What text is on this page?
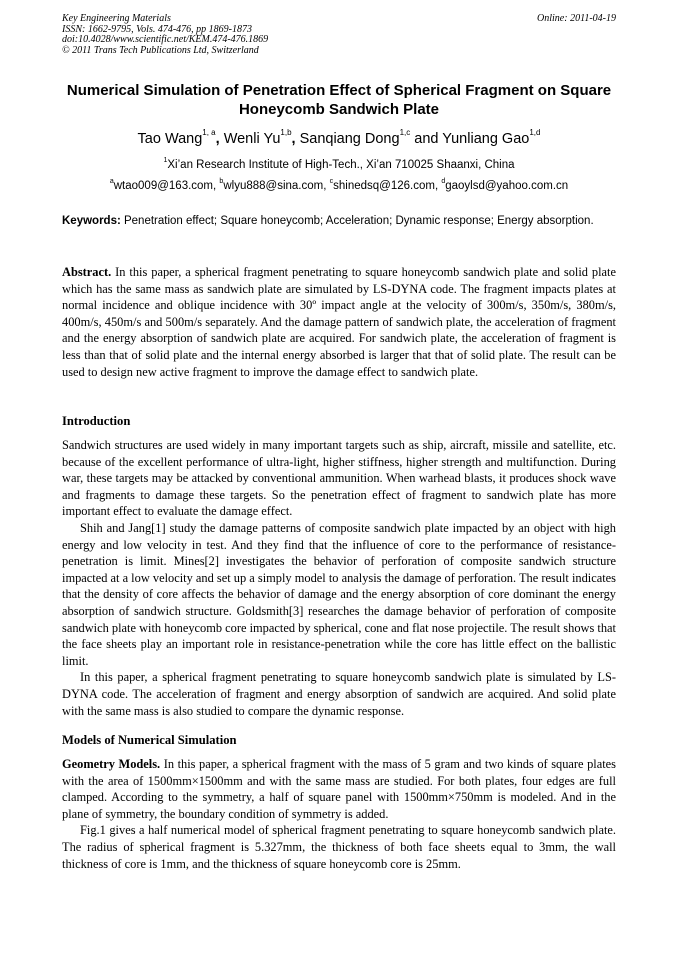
Key Engineering Materials
ISSN: 1662-9795, Vols. 474-476, pp 1869-1873
doi:10.4028/www.scientific.net/KEM.474-476.1869
© 2011 Trans Tech Publications Ltd, Switzerland
Online: 2011-04-19
Numerical Simulation of Penetration Effect of Spherical Fragment on Square Honeycomb Sandwich Plate
Tao Wang$^{1, a}$, Wenli Yu$^{1,b}$, Sanqiang Dong$^{1,c}$ and Yunliang Gao$^{1,d}$
$^1$Xi’an Research Institute of High-Tech., Xi’an 710025 Shaanxi, China
$^a$wtao009@163.com, $^b$wlyu888@sina.com, $^c$shinedsq@126.com, $^d$gaoylsd@yahoo.com.cn
Keywords: Penetration effect; Square honeycomb; Acceleration; Dynamic response; Energy absorption.
Abstract. In this paper, a spherical fragment penetrating to square honeycomb sandwich plate and solid plate which has the same mass as sandwich plate are simulated by LS-DYNA code. The fragment impacts plates at normal incidence and oblique incidence with 30º impact angle at the velocity of 300m/s, 350m/s, 380m/s, 400m/s, 450m/s and 500m/s separately. And the damage pattern of sandwich plate, the acceleration of fragment and the energy absorption of sandwich plate are acquired. For sandwich plate, the acceleration of fragment is less than that of solid plate and the internal energy absorbed is larger that that of solid plate. The result can be used to design new active fragment to improve the damage effect to sandwich plate.
Introduction

Sandwich structures are used widely in many important targets such as ship, aircraft, missile and satellite, etc. because of the excellent performance of ultra-light, higher stiffness, higher strength and multifunction. During war, these targets may be attacked by conventional ammunition. When warhead blasts, it produces shock wave and fragments to damage these targets. So the penetration effect of fragment to sandwich plate has more important effect to evaluate the damage effect.

Shih and Jang[1] study the damage patterns of composite sandwich plate impacted by an object with high energy and low velocity in test. And they find that the influence of core to the performance of resistance-penetration is limit. Mines[2] investigates the behavior of perforation of composite sandwich structure impacted at a low velocity and set up a simply model to analysis the damage of perforation. The result indicates that the density of core affects the behavior of damage and the energy absorption of core dominant the energy absorption of sandwich structure. Goldsmith[3] researches the damage behavior of perforation of composite sandwich plate with honeycomb core impacted by spherical, cone and flat nose projectile. The result shows that the face sheets play an important role in resistance-penetration while the core has little effect on the ballistic limit.

In this paper, a spherical fragment penetrating to square honeycomb sandwich plate is simulated by LS-DYNA code. The acceleration of fragment and energy absorption of sandwich are acquired. And solid plate with the same mass is also studied to compare the dynamic response.

Models of Numerical Simulation

Geometry Models. In this paper, a spherical fragment with the mass of 5 gram and two kinds of square plates with the area of 1500mm×1500mm and with the same mass are studied. For both plates, four edges are full clamped. According to the symmetry, a half of square panel with 1500mm×750mm is modeled. And in the plane of symmetry, the boundary condition of symmetry is added.

Fig.1 gives a half numerical model of spherical fragment penetrating to square honeycomb sandwich plate. The radius of spherical fragment is 5.327mm, the thickness of both face sheets equal to 3mm, the wall thickness of core is 1mm, and the thickness of square honeycomb core is 25mm.
